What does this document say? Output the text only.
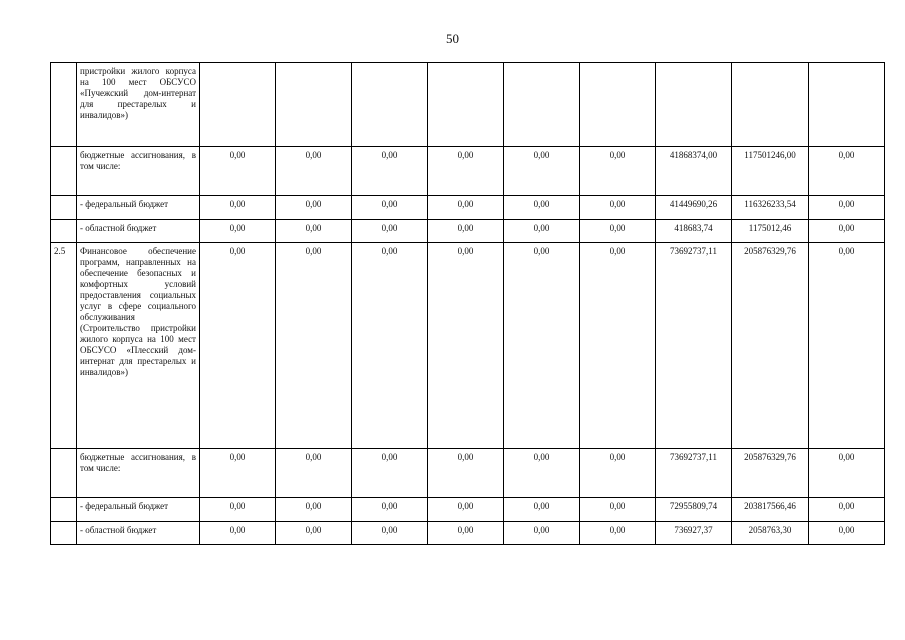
50
	пристройки жилого корпуса на 100 мест ОБСУСО «Пучежский дом-интернат для престарелых и инвалидов»)									
	бюджетные ассигнования, в том числе:	0,00	0,00	0,00	0,00	0,00	0,00	41868374,00	117501246,00	0,00
	- федеральный бюджет	0,00	0,00	0,00	0,00	0,00	0,00	41449690,26	116326233,54	0,00
	- областной бюджет	0,00	0,00	0,00	0,00	0,00	0,00	418683,74	1175012,46	0,00
2.5	Финансовое обеспечение программ, направленных на обеспечение безопасных и комфортных условий предоставления социальных услуг в сфере социального обслуживания (Строительство пристройки жилого корпуса на 100 мест ОБСУСО «Плесский дом-интернат для престарелых и инвалидов»)	0,00	0,00	0,00	0,00	0,00	0,00	73692737,11	205876329,76	0,00
	бюджетные ассигнования, в том числе:	0,00	0,00	0,00	0,00	0,00	0,00	73692737,11	205876329,76	0,00
	- федеральный бюджет	0,00	0,00	0,00	0,00	0,00	0,00	72955809,74	203817566,46	0,00
	- областной бюджет	0,00	0,00	0,00	0,00	0,00	0,00	736927,37	2058763,30	0,00
